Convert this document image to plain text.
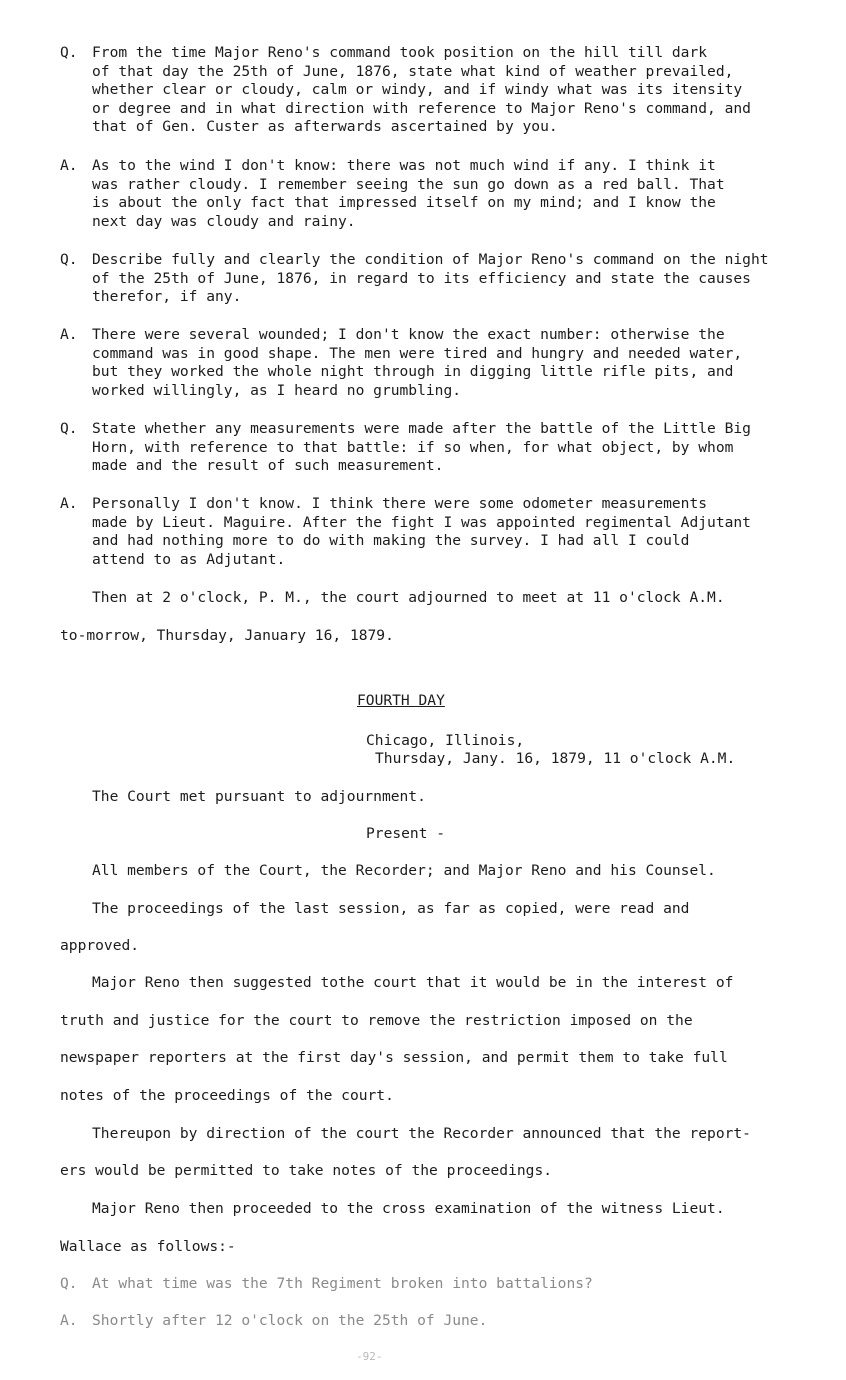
Q. From the time Major Reno's command took position on the hill till dark
of that day the 25th of June, 1876, state what kind of weather prevailed,
whether clear or cloudy, calm or windy, and if windy what was its itensity
or degree and in what direction with reference to Major Reno's command, and
that of Gen. Custer as afterwards ascertained by you.
A. As to the wind I don't know: there was not much wind if any. I think it
was rather cloudy. I remember seeing the sun go down as a red ball. That
is about the only fact that impressed itself on my mind; and I know the
next day was cloudy and rainy.
Q. Describe fully and clearly the condition of Major Reno's command on the night
of the 25th of June, 1876, in regard to its efficiency and state the causes
therefor, if any.
A. There were several wounded; I don't know the exact number: otherwise the
command was in good shape. The men were tired and hungry and needed water,
but they worked the whole night through in digging little rifle pits, and
worked willingly, as I heard no grumbling.
Q. State whether any measurements were made after the battle of the Little Big
Horn, with reference to that battle: if so when, for what object, by whom
made and the result of such measurement.
A. Personally I don't know. I think there were some odometer measurements
made by Lieut. Maguire. After the fight I was appointed regimental Adjutant
and had nothing more to do with making the survey. I had all I could
attend to as Adjutant.
Then at 2 o'clock, P. M., the court adjourned to meet at 11 o'clock A.M.
to-morrow, Thursday, January 16, 1879.
FOURTH DAY
Chicago, Illinois,
Thursday, Jany. 16, 1879, 11 o'clock A.M.
The Court met pursuant to adjournment.
Present -
All members of the Court, the Recorder; and Major Reno and his Counsel.
The proceedings of the last session, as far as copied, were read and
approved.
Major Reno then suggested tothe court that it would be in the interest of
truth and justice for the court to remove the restriction imposed on the
newspaper reporters at the first day's session, and permit them to take full
notes of the proceedings of the court.
Thereupon by direction of the court the Recorder announced that the report-
ers would be permitted to take notes of the proceedings.
Major Reno then proceeded to the cross examination of the witness Lieut.
Wallace as follows:-
Q. At what time was the 7th Regiment broken into battalions?
A. Shortly after 12 o'clock on the 25th of June.
-92-
